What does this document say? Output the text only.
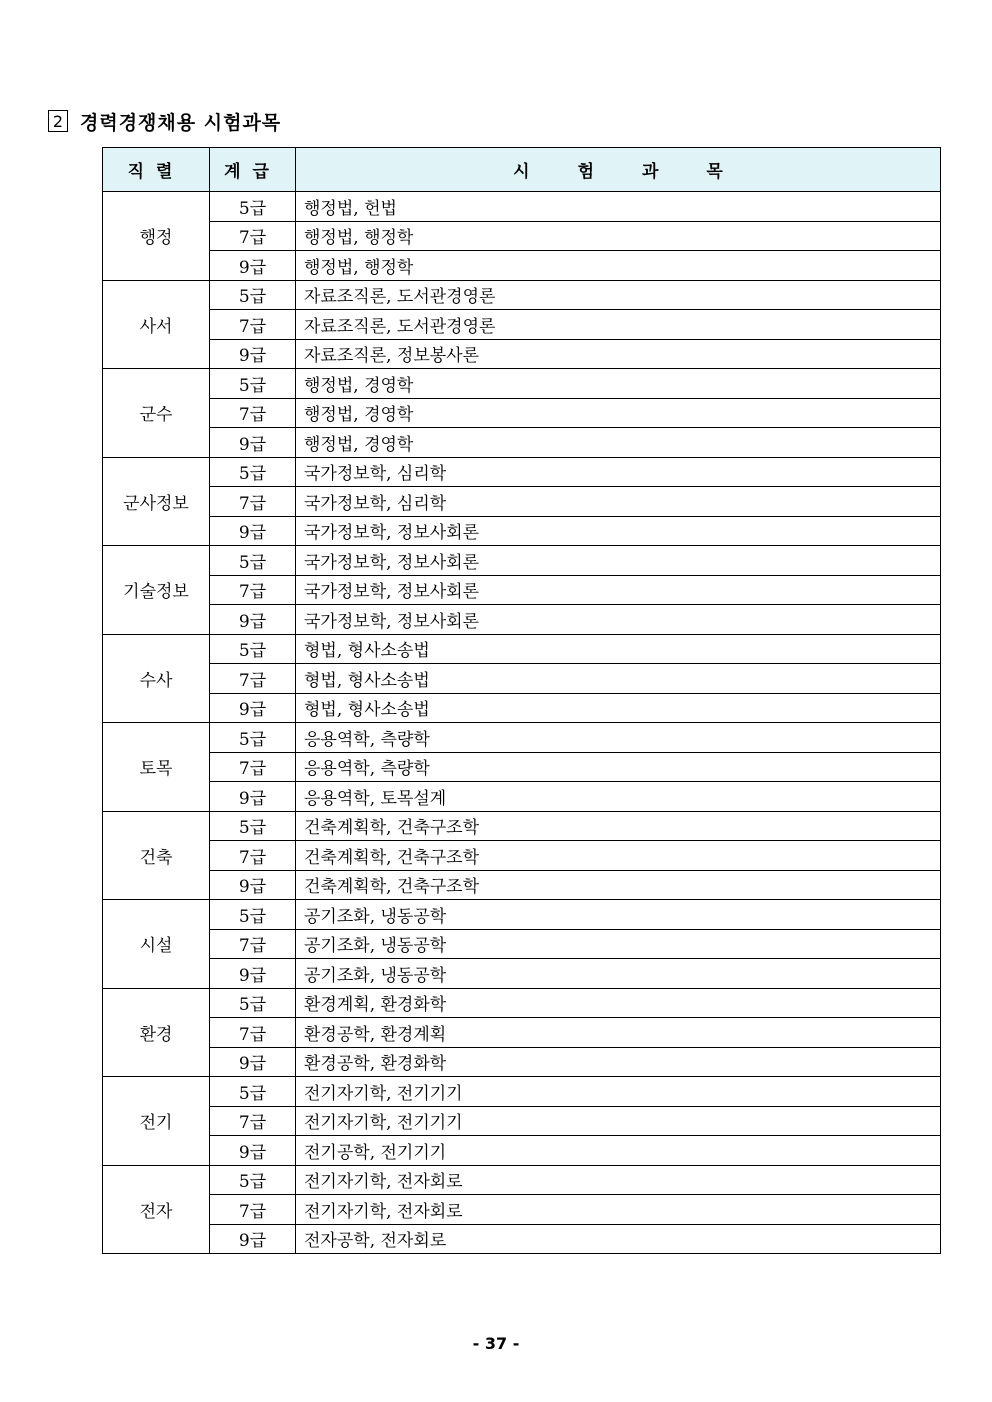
2 경력경쟁채용 시험과목
직렬	계급	시험과목
행정	5급	행정법, 헌법
	7급	행정법, 행정학
	9급	행정법, 행정학
사서	5급	자료조직론, 도서관경영론
	7급	자료조직론, 도서관경영론
	9급	자료조직론, 정보봉사론
군수	5급	행정법, 경영학
	7급	행정법, 경영학
	9급	행정법, 경영학
군사정보	5급	국가정보학, 심리학
	7급	국가정보학, 심리학
	9급	국가정보학, 정보사회론
기술정보	5급	국가정보학, 정보사회론
	7급	국가정보학, 정보사회론
	9급	국가정보학, 정보사회론
수사	5급	형법, 형사소송법
	7급	형법, 형사소송법
	9급	형법, 형사소송법
토목	5급	응용역학, 측량학
	7급	응용역학, 측량학
	9급	응용역학, 토목설계
건축	5급	건축계획학, 건축구조학
	7급	건축계획학, 건축구조학
	9급	건축계획학, 건축구조학
시설	5급	공기조화, 냉동공학
	7급	공기조화, 냉동공학
	9급	공기조화, 냉동공학
환경	5급	환경계획, 환경화학
	7급	환경공학, 환경계획
	9급	환경공학, 환경화학
전기	5급	전기자기학, 전기기기
	7급	전기자기학, 전기기기
	9급	전기공학, 전기기기
전자	5급	전기자기학, 전자회로
	7급	전기자기학, 전자회로
	9급	전자공학, 전자회로
- 37 -
